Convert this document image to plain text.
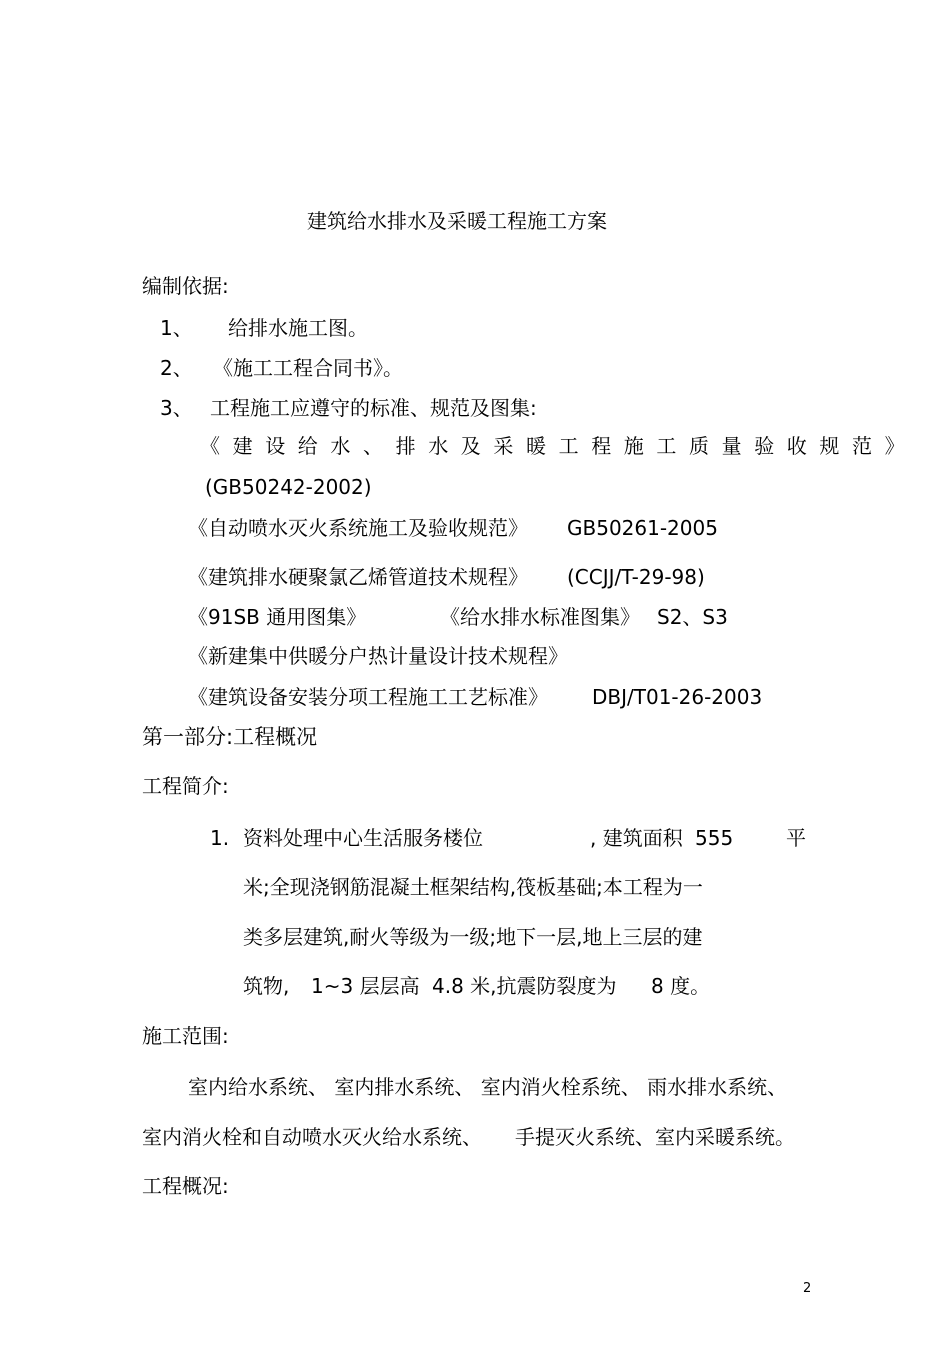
建筑给水排水及采暖工程施工方案
编制依据:
1、 给排水施工图。
2、 《施工工程合同书》。
3、 工程施工应遵守的标准、规范及图集:
《建设给水、排水及采暖工程施工质量验收规范》
(GB50242-2002)
《自动喷水灭火系统施工及验收规范》 GB50261-2005
《建筑排水硬聚氯乙烯管道技术规程》 (CCJJ/T-29-98)
《91SB 通用图集》	《给水排水标准图集》 S2、S3
《新建集中供暖分户热计量设计技术规程》
《建筑设备安装分项工程施工工艺标准》 DBJ/T01-26-2003
第一部分:工程概况
工程简介:
1. 资料处理中心生活服务楼位	, 建筑面积 555	平
米;全现浇钢筋混凝土框架结构,筏板基础;本工程为一
类多层建筑,耐火等级为一级;地下一层,地上三层的建
筑物, 1~3 层层高 4.8 米,抗震防裂度为 8 度。
施工范围:
室内给水系统、 室内排水系统、 室内消火栓系统、 雨水排水系统、
室内消火栓和自动喷水灭火给水系统、 手提灭火系统、室内采暖系统。
工程概况:
2
